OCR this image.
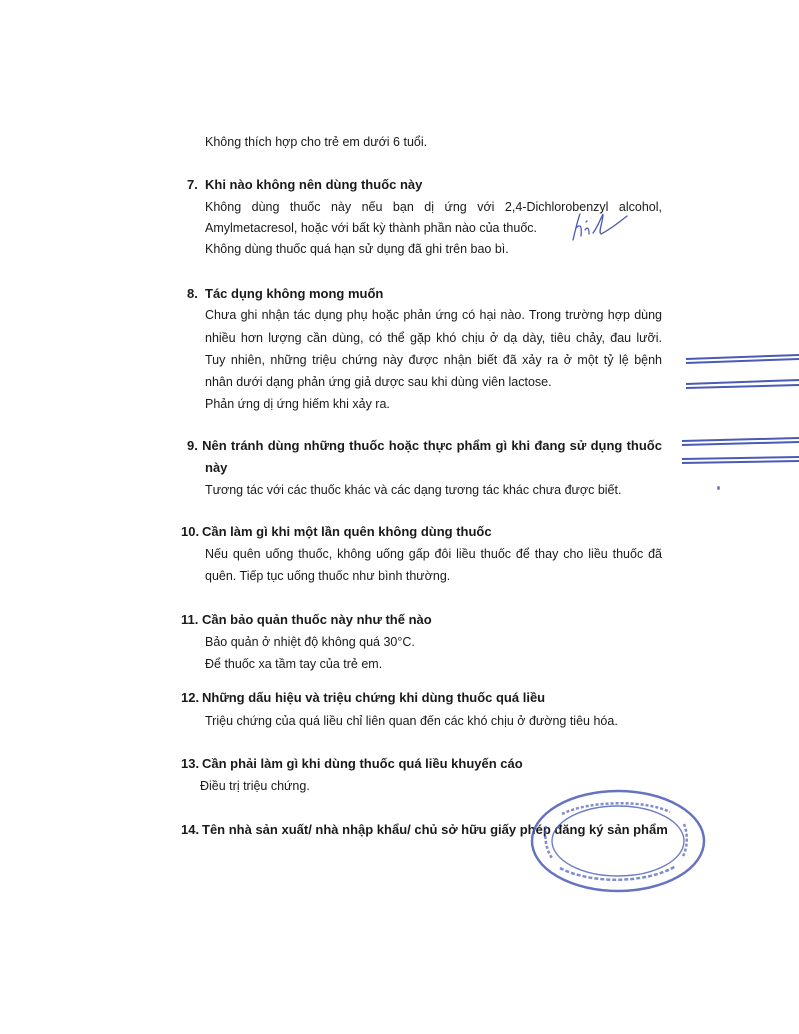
Không thích hợp cho trẻ em dưới 6 tuổi.
7. Khi nào không nên dùng thuốc này
Không dùng thuốc này nếu bạn dị ứng với 2,4-Dichlorobenzyl alcohol,
Amylmetacresol, hoặc với bất kỳ thành phần nào của thuốc.
Không dùng thuốc quá hạn sử dụng đã ghi trên bao bì.
8. Tác dụng không mong muốn
Chưa ghi nhận tác dụng phụ hoặc phản ứng có hại nào. Trong trường hợp dùng
nhiều hơn lượng cần dùng, có thể gặp khó chịu ở dạ dày, tiêu chảy, đau lưỡi.
Tuy nhiên, những triệu chứng này được nhận biết đã xảy ra ở một tỷ lệ bệnh
nhân dưới dạng phản ứng giả dược sau khi dùng viên lactose.
Phản ứng dị ứng hiếm khi xảy ra.
9. Nên tránh dùng những thuốc hoặc thực phẩm gì khi đang sử dụng thuốc
này
Tương tác với các thuốc khác và các dạng tương tác khác chưa được biết.
10. Cần làm gì khi một lần quên không dùng thuốc
Nếu quên uống thuốc, không uống gấp đôi liều thuốc để thay cho liều thuốc đã
quên. Tiếp tục uống thuốc như bình thường.
11. Cần bảo quản thuốc này như thế nào
Bảo quản ở nhiệt độ không quá 30°C.
Để thuốc xa tầm tay của trẻ em.
12. Những dấu hiệu và triệu chứng khi dùng thuốc quá liều
Triệu chứng của quá liều chỉ liên quan đến các khó chịu ở đường tiêu hóa.
13. Cần phải làm gì khi dùng thuốc quá liều khuyến cáo
Điều trị triệu chứng.
14. Tên nhà sản xuất/ nhà nhập khẩu/ chủ sở hữu giấy phép đăng ký sản phẩm
